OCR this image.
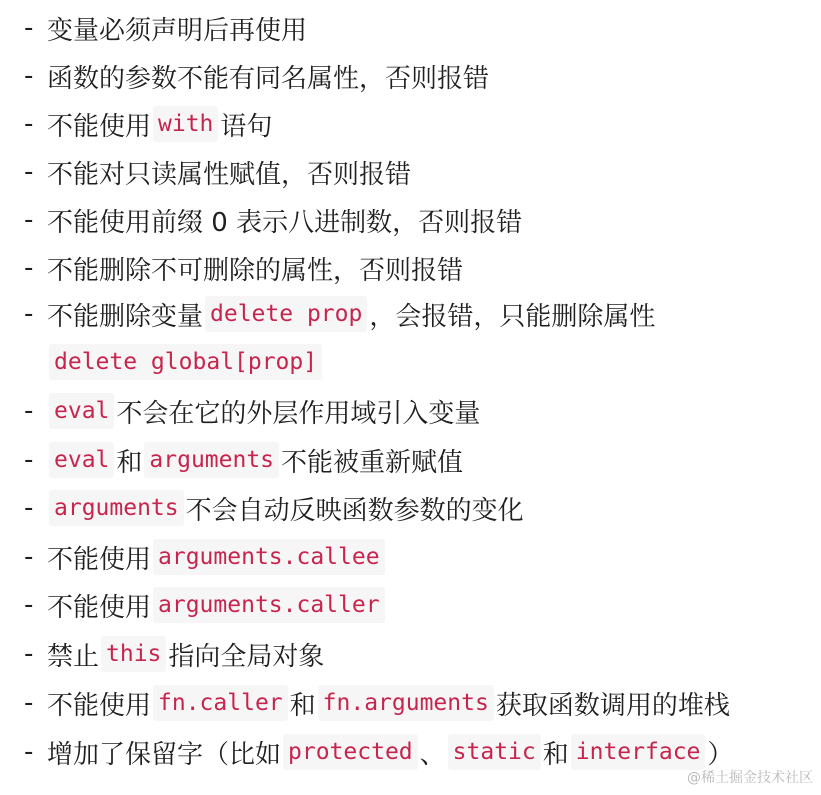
- 变量必须声明后再使用
- 函数的参数不能有同名属性，否则报错
- 不能使用 with 语句
- 不能对只读属性赋值，否则报错
- 不能使用前缀 0 表示八进制数，否则报错
- 不能删除不可删除的属性，否则报错
- 不能删除变量 delete prop ，会报错，只能删除属性
delete global[prop]
- eval 不会在它的外层作用域引入变量
- eval 和 arguments 不能被重新赋值
- arguments 不会自动反映函数参数的变化
- 不能使用 arguments.callee
- 不能使用 arguments.caller
- 禁止 this 指向全局对象
- 不能使用 fn.caller 和 fn.arguments 获取函数调用的堆栈
- 增加了保留字（比如 protected 、 static 和 interface ）
@稀土掘金技术社区
